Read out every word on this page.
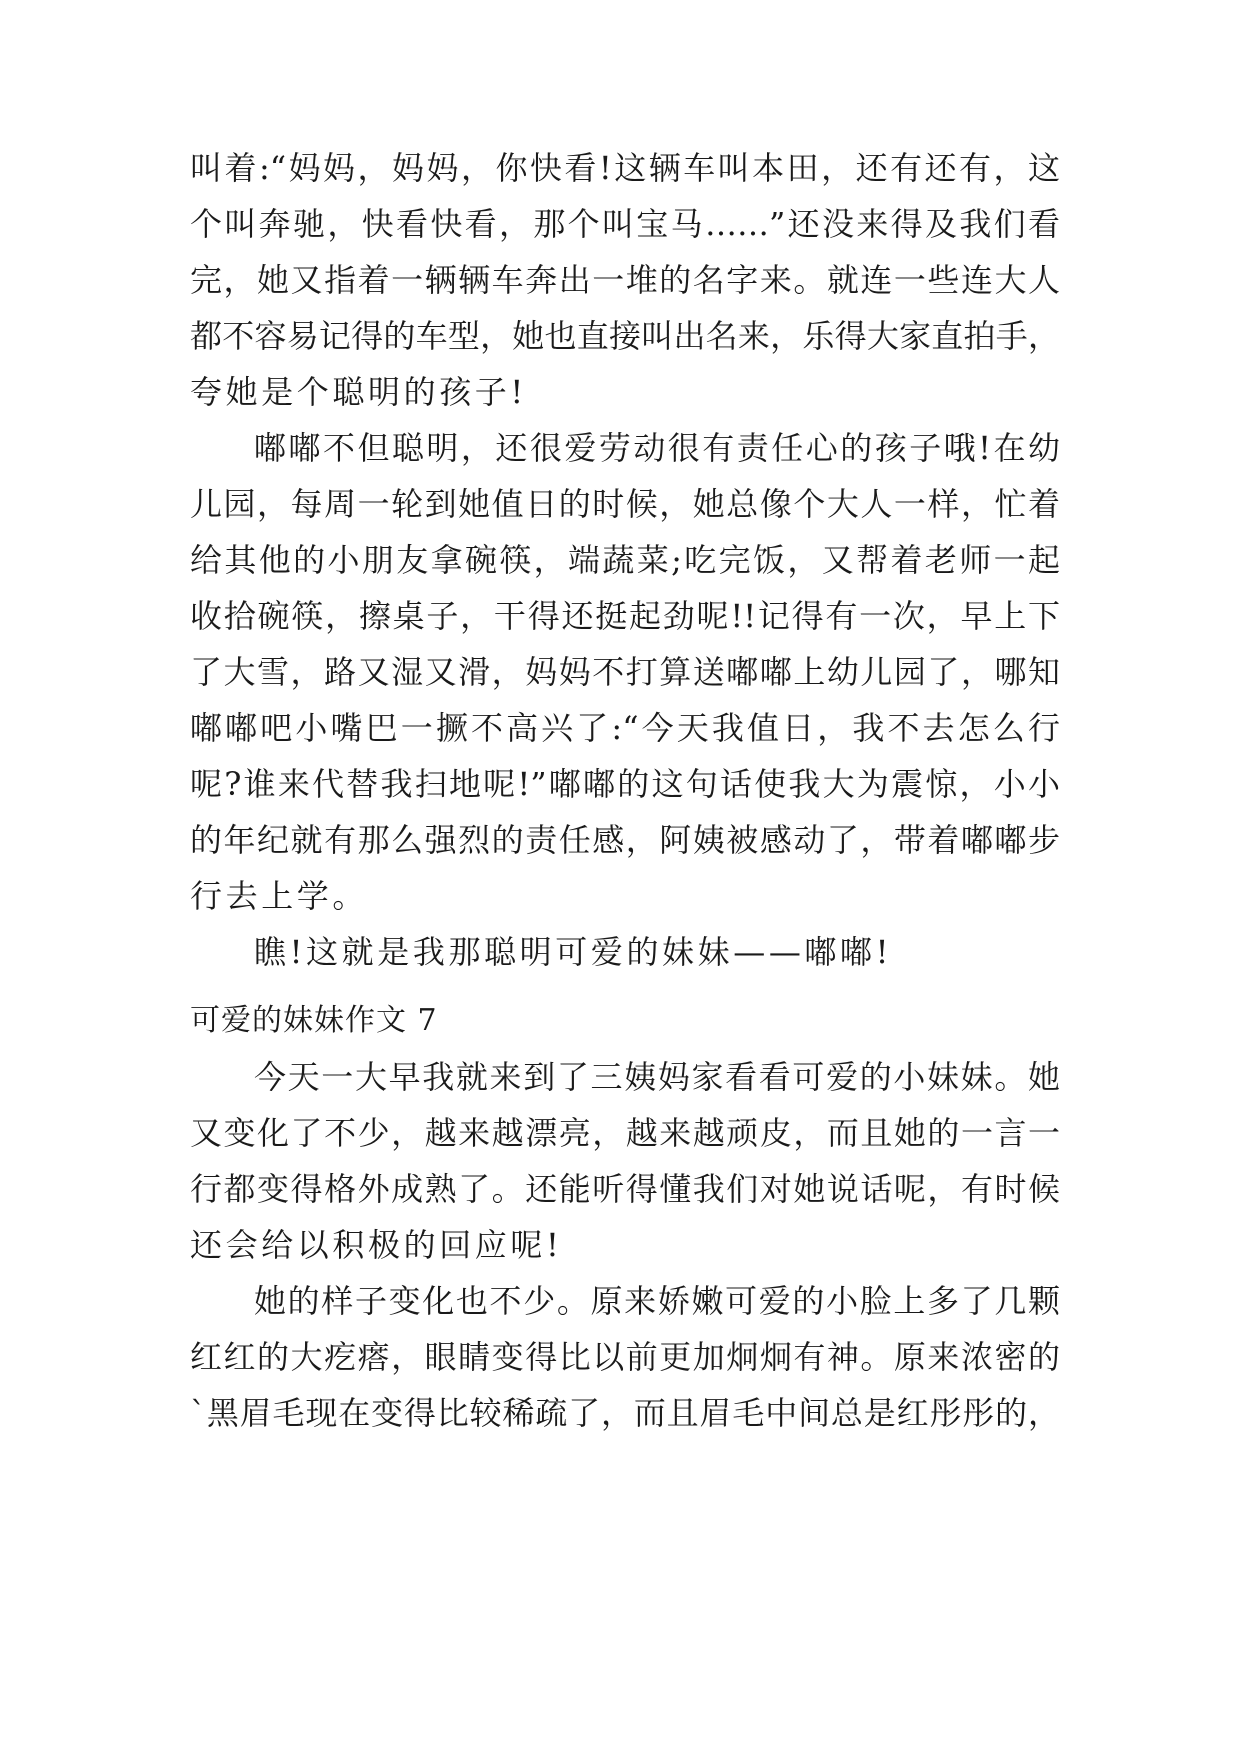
叫着:“妈妈，妈妈，你快看!这辆车叫本田，还有还有，这
个叫奔驰，快看快看，那个叫宝马……”还没来得及我们看
完，她又指着一辆辆车奔出一堆的名字来。就连一些连大人
都不容易记得的车型，她也直接叫出名来，乐得大家直拍手，
夸她是个聪明的孩子!
嘟嘟不但聪明，还很爱劳动很有责任心的孩子哦!在幼
儿园，每周一轮到她值日的时候，她总像个大人一样，忙着
给其他的小朋友拿碗筷，端蔬菜;吃完饭，又帮着老师一起
收拾碗筷，擦桌子，干得还挺起劲呢!!记得有一次，早上下
了大雪，路又湿又滑，妈妈不打算送嘟嘟上幼儿园了，哪知
嘟嘟吧小嘴巴一撅不高兴了:“今天我值日，我不去怎么行
呢?谁来代替我扫地呢!”嘟嘟的这句话使我大为震惊，小小
的年纪就有那么强烈的责任感，阿姨被感动了，带着嘟嘟步
行去上学。
瞧!这就是我那聪明可爱的妹妹——嘟嘟!
可爱的妹妹作文 7
今天一大早我就来到了三姨妈家看看可爱的小妹妹。她
又变化了不少，越来越漂亮，越来越顽皮，而且她的一言一
行都变得格外成熟了。还能听得懂我们对她说话呢，有时候
还会给以积极的回应呢!
她的样子变化也不少。原来娇嫩可爱的小脸上多了几颗
红红的大疙瘩，眼睛变得比以前更加炯炯有神。原来浓密的
`黑眉毛现在变得比较稀疏了，而且眉毛中间总是红彤彤的，
